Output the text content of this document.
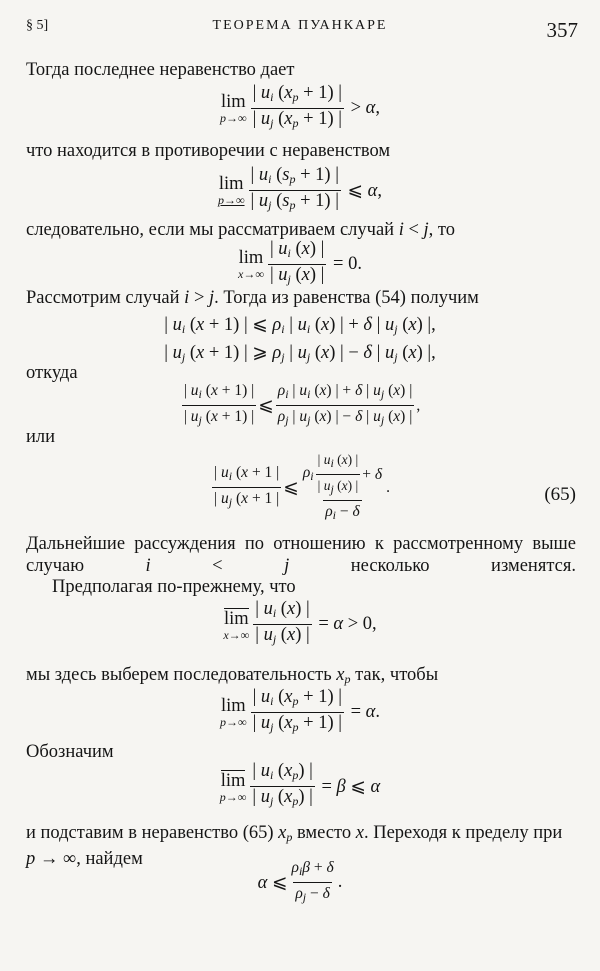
§ 5]	ТЕОРЕМА ПУАНКАРЕ	357
Тогда последнее неравенство дает
lim
$p\to\infty \frac{| u_i (x_p + 1) |}{| u_j (x_p + 1) |} > \alpha$,
что находится в противоречии с неравенством
lim
$p\to\infty \frac{| u_i (s_p + 1) |}{| u_j (s_p + 1) |}$ ⩽ α,
следовательно, если мы рассматриваем случай i < j, то
lim
$x\to\infty \frac{| u_i (x) |}{| u_j (x) |} = 0$.
Рассмотрим случай i > j. Тогда из равенства (54) получим
| $u_i$ (x + 1) | ⩽ $\rho_i$ | $u_i$ (x) | + δ | $u_j$ (x) |,
| $u_j$ (x + 1) | ⩾ $\rho_j$ | $u_j$ (x) | − δ | $u_j$ (x) |,
откуда
$\frac{| u_i (x + 1) |}{| u_j (x + 1) |}$ ⩽ $\frac{\rho_i | u_i (x) | + \delta | u_j (x) |}{\rho_j | u_j (x) | - \delta | u_j (x) |}$ ,
или
$\frac{| u_i (x + 1 |}{| u_j (x + 1 |}$ ⩽ $\frac{\rho_i \frac{| u_i (x) |}{| u_j (x) |} + \delta}{\rho_i - \delta}$ .	(65)
Дальнейшие рассуждения по отношению к рассмотренному выше случаю i < j несколько изменятся.
Предполагая по-прежнему, что
lim
$x\to\infty \frac{| u_i (x) |}{| u_j (x) |} = \alpha > 0$,
мы здесь выберем последовательность $x_p$ так, чтобы
lim
$p\to\infty \frac{| u_i (x_p + 1) |}{| u_j (x_p + 1) |} = \alpha$.
Обозначим
lim
$p\to\infty \frac{| u_i (x_p) |}{| u_j (x_p) |} = \beta$ ⩽ α
и подставим в неравенство (65) $x_p$ вместо x. Переходя к пределу при p → ∞, найдем
α ⩽ $\frac{\rho_i\beta + \delta}{\rho_j - \delta}$ .
